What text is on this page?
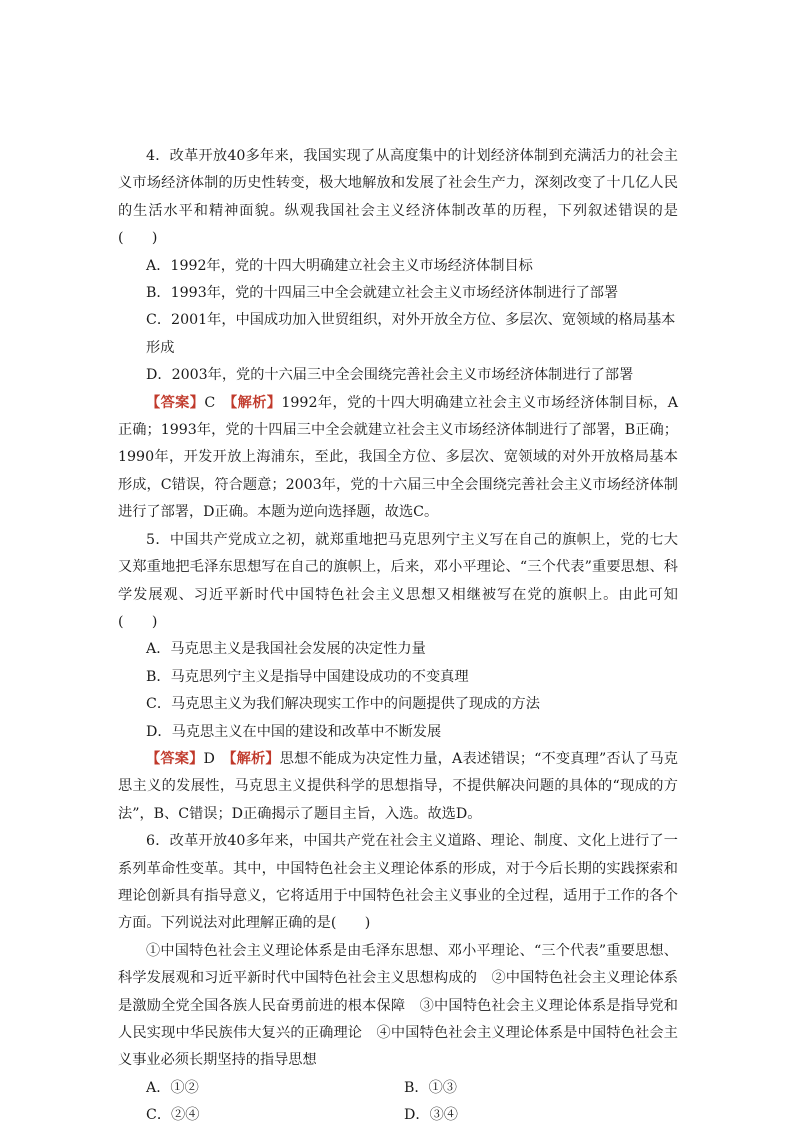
4．改革开放40多年来，我国实现了从高度集中的计划经济体制到充满活力的社会主义市场经济体制的历史性转变，极大地解放和发展了社会生产力，深刻改变了十几亿人民的生活水平和精神面貌。纵观我国社会主义经济体制改革的历程，下列叙述错误的是(　　)

A．1992年，党的十四大明确建立社会主义市场经济体制目标

B．1993年，党的十四届三中全会就建立社会主义市场经济体制进行了部署

C．2001年，中国成功加入世贸组织，对外开放全方位、多层次、宽领域的格局基本形成

D．2003年，党的十六届三中全会围绕完善社会主义市场经济体制进行了部署

【答案】C　【解析】1992年，党的十四大明确建立社会主义市场经济体制目标，A正确；1993年，党的十四届三中全会就建立社会主义市场经济体制进行了部署，B正确；1990年，开发开放上海浦东，至此，我国全方位、多层次、宽领域的对外开放格局基本形成，C错误，符合题意；2003年，党的十六届三中全会围绕完善社会主义市场经济体制进行了部署，D正确。本题为逆向选择题，故选C。

5．中国共产党成立之初，就郑重地把马克思列宁主义写在自己的旗帜上，党的七大又郑重地把毛泽东思想写在自己的旗帜上，后来，邓小平理论、“三个代表”重要思想、科学发展观、习近平新时代中国特色社会主义思想又相继被写在党的旗帜上。由此可知(　　)

A．马克思主义是我国社会发展的决定性力量

B．马克思列宁主义是指导中国建设成功的不变真理

C．马克思主义为我们解决现实工作中的问题提供了现成的方法

D．马克思主义在中国的建设和改革中不断发展

【答案】D　【解析】思想不能成为决定性力量，A表述错误；“不变真理”否认了马克思主义的发展性，马克思主义提供科学的思想指导，不提供解决问题的具体的“现成的方法”，B、C错误；D正确揭示了题目主旨，入选。故选D。

6．改革开放40多年来，中国共产党在社会主义道路、理论、制度、文化上进行了一系列革命性变革。其中，中国特色社会主义理论体系的形成，对于今后长期的实践探索和理论创新具有指导意义，它将适用于中国特色社会主义事业的全过程，适用于工作的各个方面。下列说法对此理解正确的是(　　)

①中国特色社会主义理论体系是由毛泽东思想、邓小平理论、“三个代表”重要思想、科学发展观和习近平新时代中国特色社会主义思想构成的　②中国特色社会主义理论体系是激励全党全国各族人民奋勇前进的根本保障　③中国特色社会主义理论体系是指导党和人民实现中华民族伟大复兴的正确理论　④中国特色社会主义理论体系是中国特色社会主义事业必须长期坚持的指导思想

A．①②	B．①③
C．②④	D．③④
